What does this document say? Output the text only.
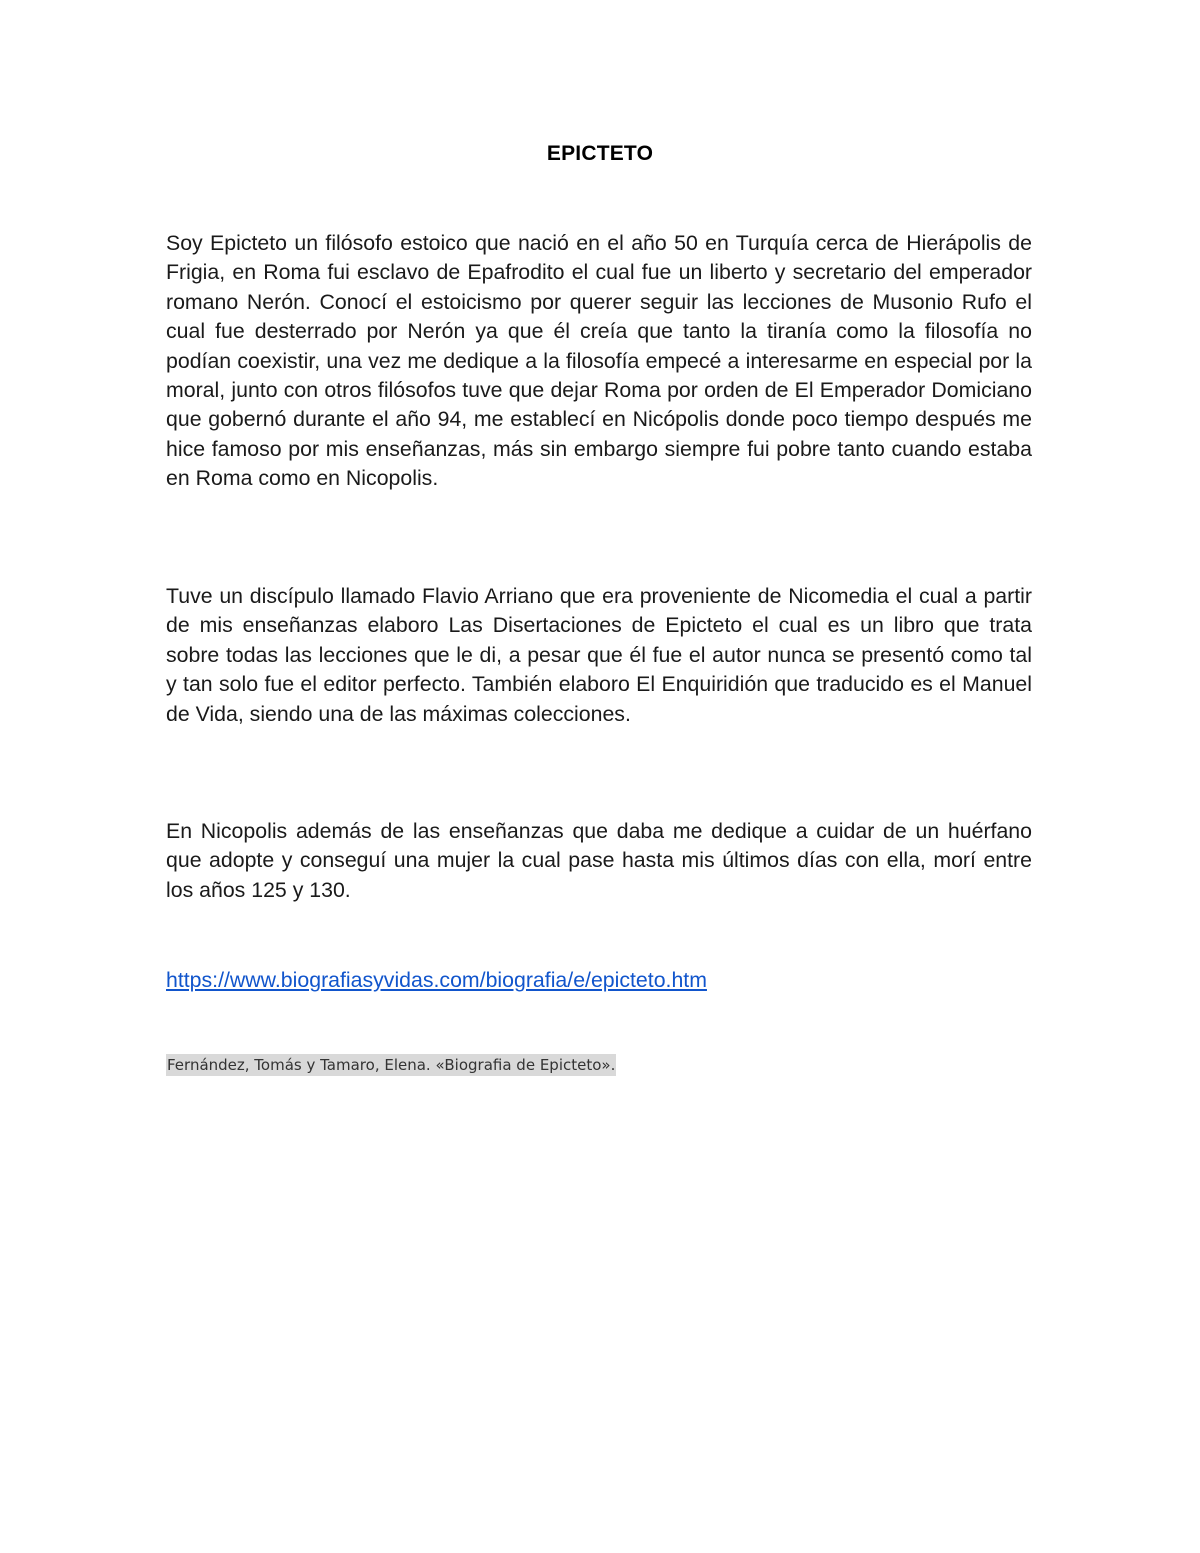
EPICTETO

Soy Epicteto un filósofo estoico que nació en el año 50 en Turquía cerca de Hierápolis de Frigia, en Roma fui esclavo de Epafrodito el cual fue un liberto y secretario del emperador romano Nerón. Conocí el estoicismo por querer seguir las lecciones de Musonio Rufo el cual fue desterrado por Nerón ya que él creía que tanto la tiranía como la filosofía no podían coexistir, una vez me dedique a la filosofía empecé a interesarme en especial por la moral, junto con otros filósofos tuve que dejar Roma por orden de El Emperador Domiciano que gobernó durante el año 94, me establecí en Nicópolis donde poco tiempo después me hice famoso por mis enseñanzas, más sin embargo siempre fui pobre tanto cuando estaba en Roma como en Nicopolis.

Tuve un discípulo llamado Flavio Arriano que era proveniente de Nicomedia el cual a partir de mis enseñanzas elaboro Las Disertaciones de Epicteto el cual es un libro que trata sobre todas las lecciones que le di, a pesar que él fue el autor nunca se presentó como tal y tan solo fue el editor perfecto. También elaboro El Enquiridión que traducido es el Manuel de Vida, siendo una de las máximas colecciones.

En Nicopolis además de las enseñanzas que daba me dedique a cuidar de un huérfano que adopte y conseguí una mujer la cual pase hasta mis últimos días con ella, morí entre los años 125 y 130.

https://www.biografiasyvidas.com/biografia/e/epicteto.htm
Fernández, Tomás y Tamaro, Elena. «Biografia de Epicteto».
